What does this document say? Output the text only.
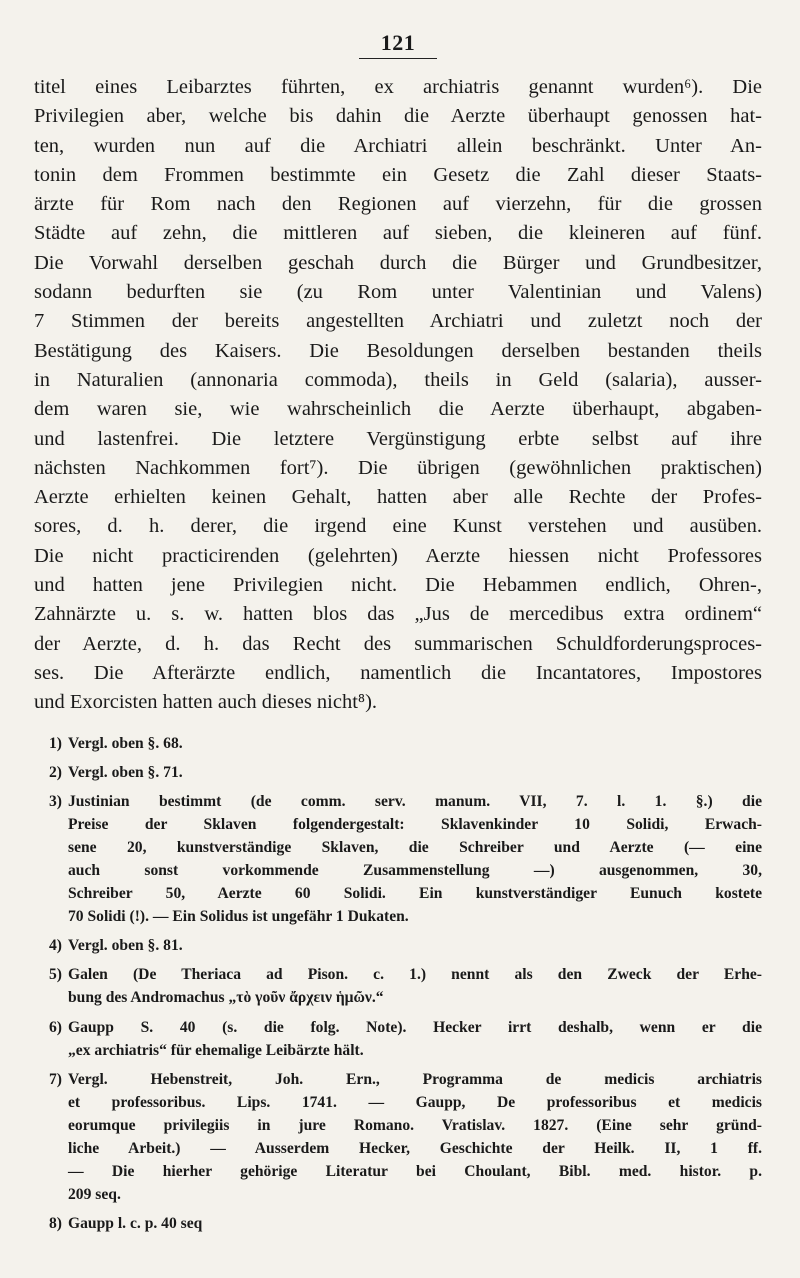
121
titel eines Leibarztes führten, ex archiatris genannt wurden⁶). Die
Privilegien aber, welche bis dahin die Aerzte überhaupt genossen hat-
ten, wurden nun auf die Archiatri allein beschränkt. Unter An-
tonin dem Frommen bestimmte ein Gesetz die Zahl dieser Staats-
ärzte für Rom nach den Regionen auf vierzehn, für die grossen
Städte auf zehn, die mittleren auf sieben, die kleineren auf fünf.
Die Vorwahl derselben geschah durch die Bürger und Grundbesitzer,
sodann bedurften sie (zu Rom unter Valentinian und Valens)
7 Stimmen der bereits angestellten Archiatri und zuletzt noch der
Bestätigung des Kaisers. Die Besoldungen derselben bestanden theils
in Naturalien (annonaria commoda), theils in Geld (salaria), ausser-
dem waren sie, wie wahrscheinlich die Aerzte überhaupt, abgaben-
und lastenfrei. Die letztere Vergünstigung erbte selbst auf ihre
nächsten Nachkommen fort⁷). Die übrigen (gewöhnlichen praktischen)
Aerzte erhielten keinen Gehalt, hatten aber alle Rechte der Profes-
sores, d. h. derer, die irgend eine Kunst verstehen und ausüben.
Die nicht practicirenden (gelehrten) Aerzte hiessen nicht Professores
und hatten jene Privilegien nicht. Die Hebammen endlich, Ohren-,
Zahnärzte u. s. w. hatten blos das „Jus de mercedibus extra ordinem“
der Aerzte, d. h. das Recht des summarischen Schuldforderungsproces-
ses. Die Afterärzte endlich, namentlich die Incantatores, Impostores
und Exorcisten hatten auch dieses nicht⁸).
1) Vergl. oben §. 68.
2) Vergl. oben §. 71.
3) Justinian bestimmt (de comm. serv. manum. VII, 7. l. 1. §.) die
Preise der Sklaven folgendergestalt: Sklavenkinder 10 Solidi, Erwach-
sene 20, kunstverständige Sklaven, die Schreiber und Aerzte (— eine
auch sonst vorkommende Zusammenstellung —) ausgenommen, 30,
Schreiber 50, Aerzte 60 Solidi. Ein kunstverständiger Eunuch kostete
70 Solidi (!). — Ein Solidus ist ungefähr 1 Dukaten.
4) Vergl. oben §. 81.
5) Galen (De Theriaca ad Pison. c. 1.) nennt als den Zweck der Erhe-
bung des Andromachus „τὸ γοῦν ἄρχειν ἡμῶν.“
6) Gaupp S. 40 (s. die folg. Note). Hecker irrt deshalb, wenn er die
„ex archiatris“ für ehemalige Leibärzte hält.
7) Vergl. Hebenstreit, Joh. Ern., Programma de medicis archiatris
et professoribus. Lips. 1741. — Gaupp, De professoribus et medicis
eorumque privilegiis in jure Romano. Vratislav. 1827. (Eine sehr gründ-
liche Arbeit.) — Ausserdem Hecker, Geschichte der Heilk. II, 1 ff.
— Die hierher gehörige Literatur bei Choulant, Bibl. med. histor. p.
209 seq.
8) Gaupp l. c. p. 40 seq
